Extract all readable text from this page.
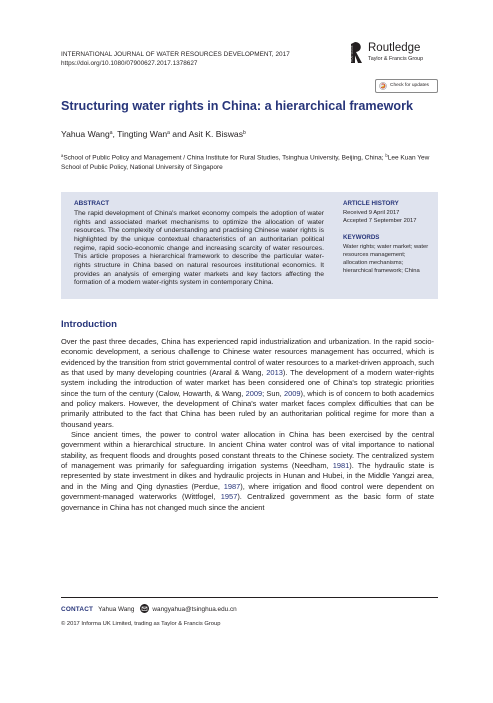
INTERNATIONAL JOURNAL OF WATER RESOURCES DEVELOPMENT, 2017
https://doi.org/10.1080/07900627.2017.1378627
ROUTLEDGE Routledge
Taylor & Francis Group
Check for updates
Structuring water rights in China: a hierarchical framework
Yahua Wang$^a$, Tingting Wan$^a$ and Asit K. Biswas$^b$
$^a$School of Public Policy and Management / China Institute for Rural Studies, Tsinghua University, Beijing, China; $^b$Lee Kuan Yew School of Public Policy, National University of Singapore
ABSTRACT
The rapid development of China's market economy compels the adoption of water rights and associated market mechanisms to optimize the allocation of water resources. The complexity of understanding and practising Chinese water rights is highlighted by the unique contextual characteristics of an authoritarian political regime, rapid socio-economic change and increasing scarcity of water resources. This article proposes a hierarchical framework to describe the particular water-rights structure in China based on natural resources institutional economics. It provides an analysis of emerging water markets and key factors affecting the formation of a modern water-rights system in contemporary China.
ARTICLE HISTORY
Received 9 April 2017
Accepted 7 September 2017
KEYWORDS
Water rights; water market; water resources management; allocation mechanisms; hierarchical framework; China
Introduction

Over the past three decades, China has experienced rapid industrialization and urbanization. In the rapid socio-economic development, a serious challenge to Chinese water resources management has occurred, which is evidenced by the transition from strict governmental control of water resources to a market-driven approach, such as that used by many developing countries (Araral & Wang, 2013). The development of a modern water-rights system including the introduction of water market has been considered one of China's top strategic priorities since the turn of the century (Calow, Howarth, & Wang, 2009; Sun, 2009), which is of concern to both academics and policy makers. However, the development of China's water market faces complex difficulties that can be primarily attributed to the fact that China has been ruled by an authoritarian political regime for more than a thousand years.

Since ancient times, the power to control water allocation in China has been exercised by the central government within a hierarchical structure. In ancient China water control was of vital importance to national stability, as frequent floods and droughts posed constant threats to the Chinese society. The centralized system of management was primarily for safeguarding irrigation systems (Needham, 1981). The hydraulic state is represented by state investment in dikes and hydraulic projects in Hunan and Hubei, in the Middle Yangzi area, and in the Ming and Qing dynasties (Perdue, 1987), where irrigation and flood control were dependent on government-managed waterworks (Wittfogel, 1957). Centralized government as the basic form of state governance in China has not changed much since the ancient

CONTACT Yahua Wang	wangyahua@tsinghua.edu.cn
© 2017 Informa UK Limited, trading as Taylor & Francis Group
